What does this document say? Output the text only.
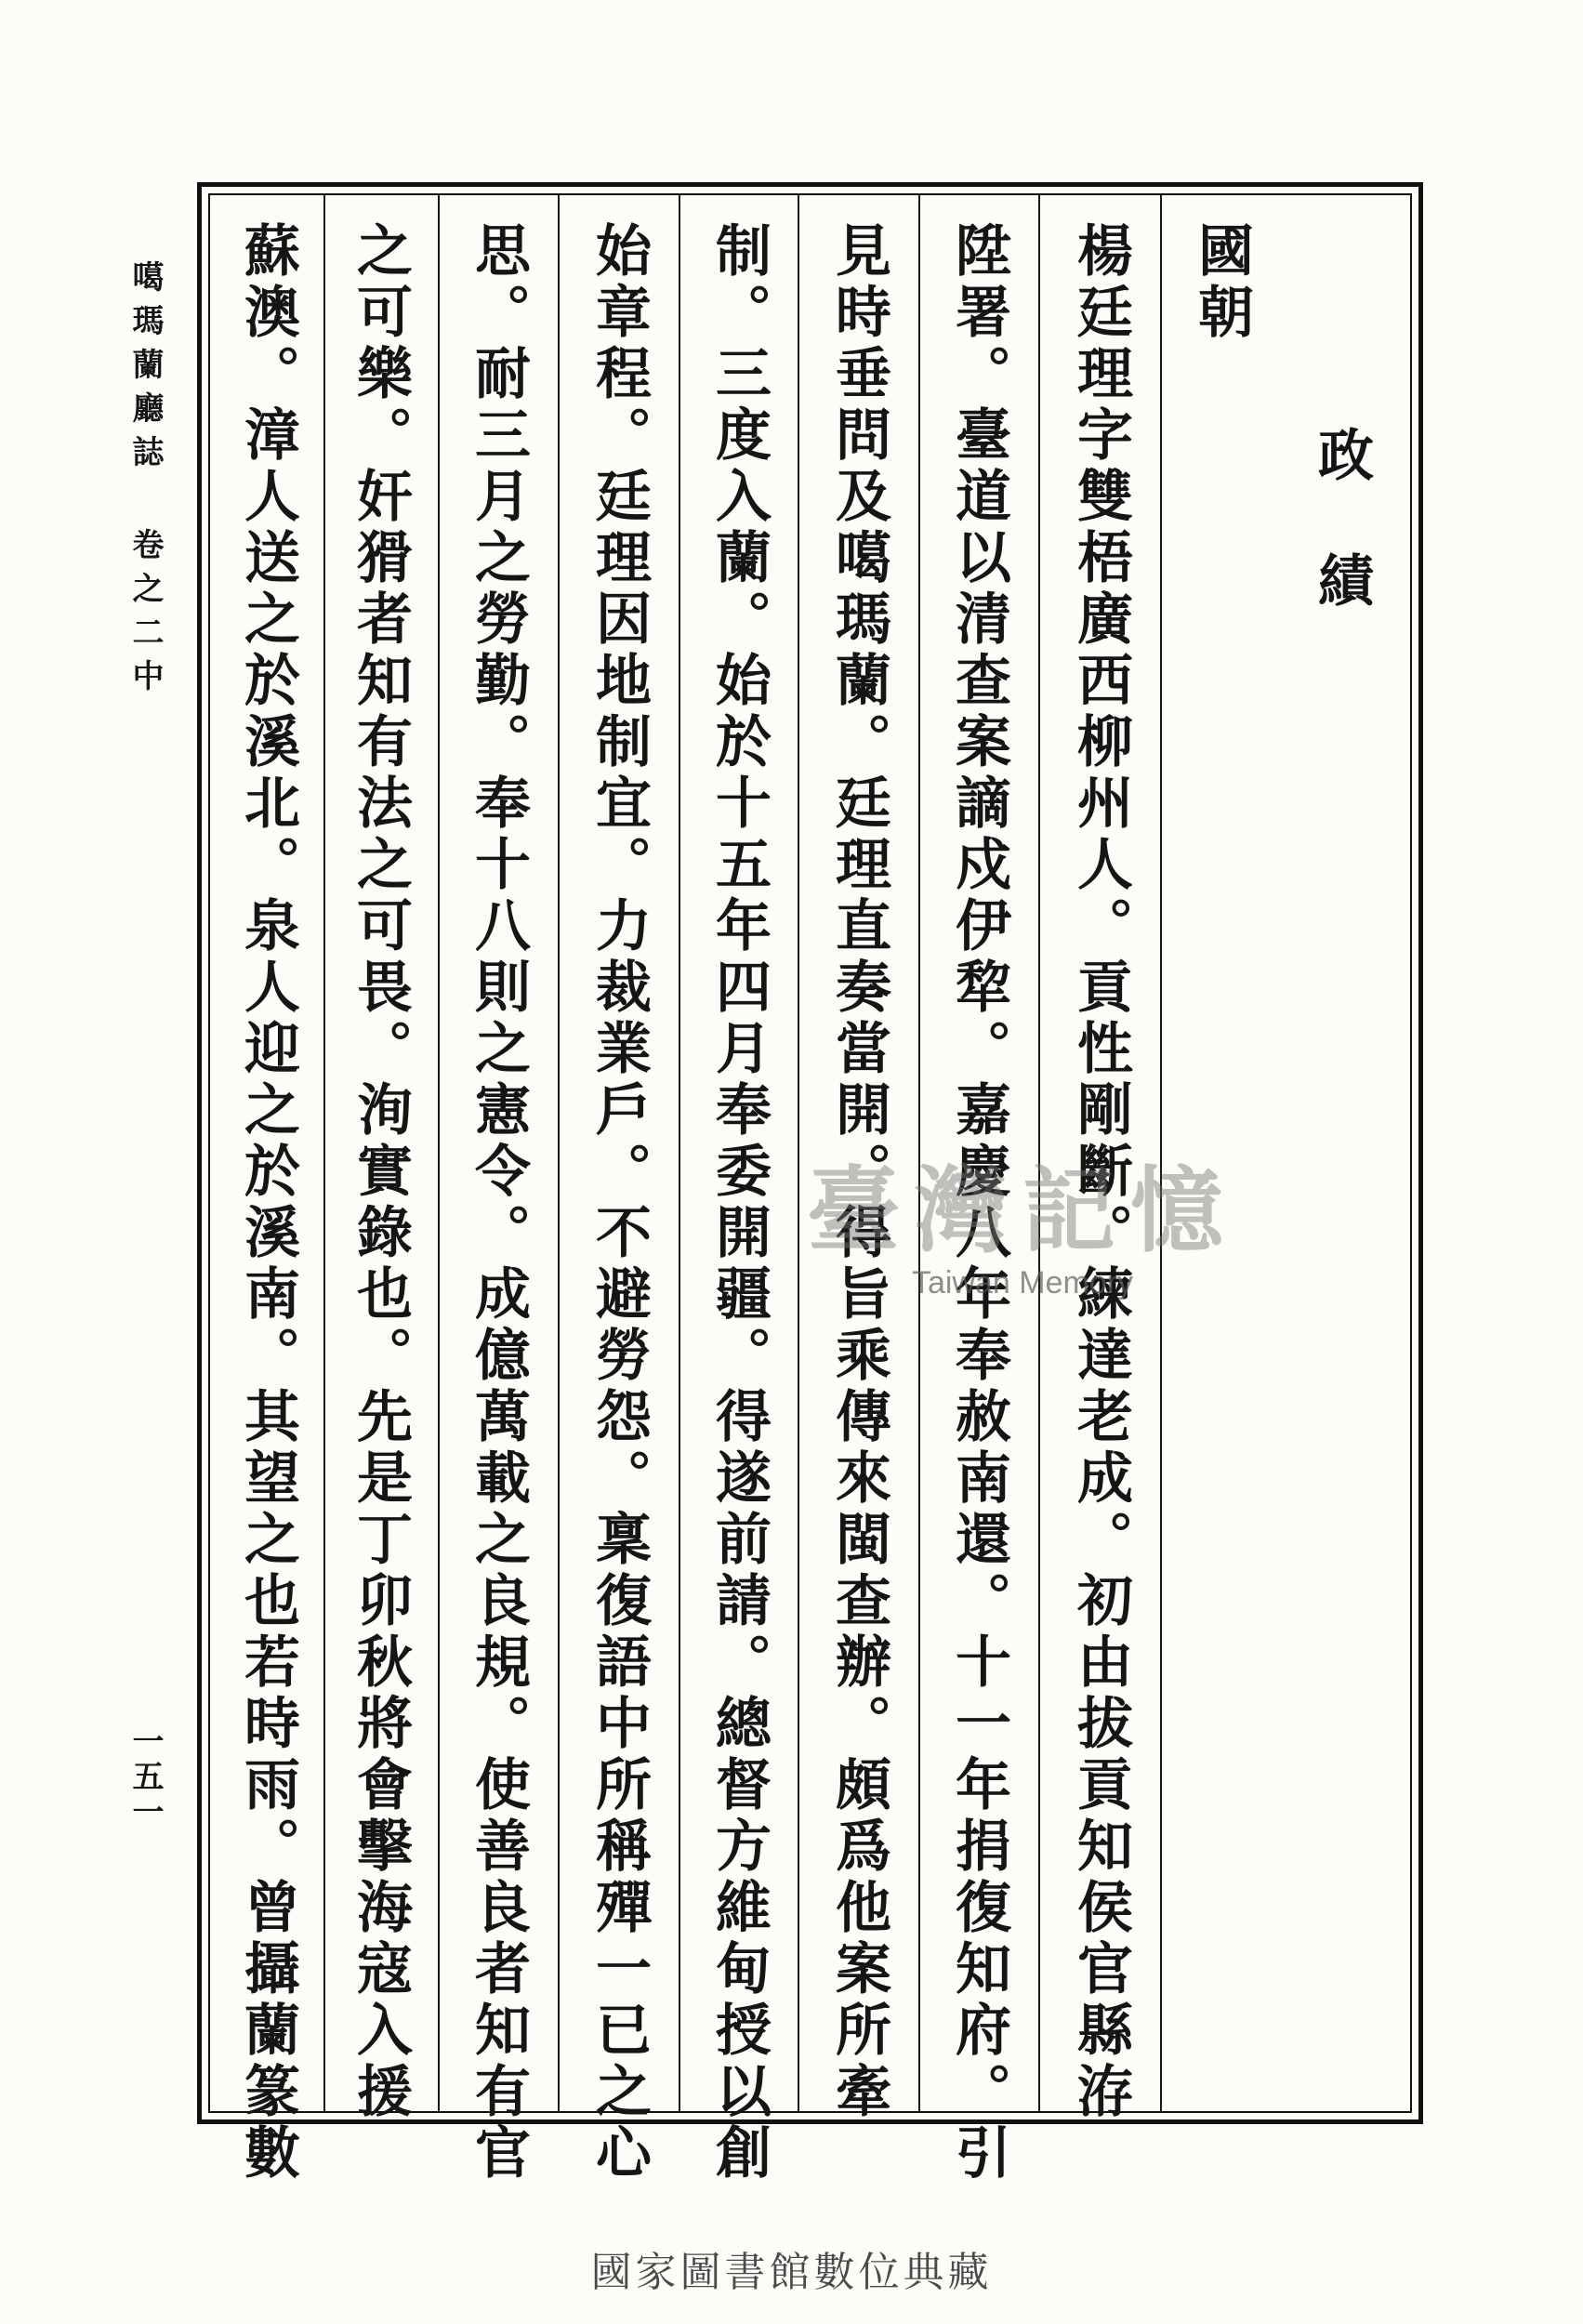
噶瑪蘭廳誌 卷之二中
一五一
政績
國朝
楊廷理字雙梧廣西柳州人。貢性剛斷。練達老成。初由拔貢知侯官縣洊
陞署。臺道以清查案謫戍伊犂。嘉慶八年奉赦南還。十一年捐復知府。引
見時垂問及噶瑪蘭。廷理直奏當開。得旨乘傳來閩查辦。頗爲他案所牽
制。三度入蘭。始於十五年四月奉委開疆。得遂前請。總督方維甸授以創
始章程。廷理因地制宜。力裁業戶。不避勞怨。稟復語中所稱殫一已之心
思。耐三月之勞勤。奉十八則之憲令。成億萬載之良規。使善良者知有官
之可樂。奸猾者知有法之可畏。洵實錄也。先是丁卯秋將會擊海寇入援
蘇澳。漳人送之於溪北。泉人迎之於溪南。其望之也若時雨。曾攝蘭篆數	臺灣記憶
Taiwan Memory
國家圖書館數位典藏
